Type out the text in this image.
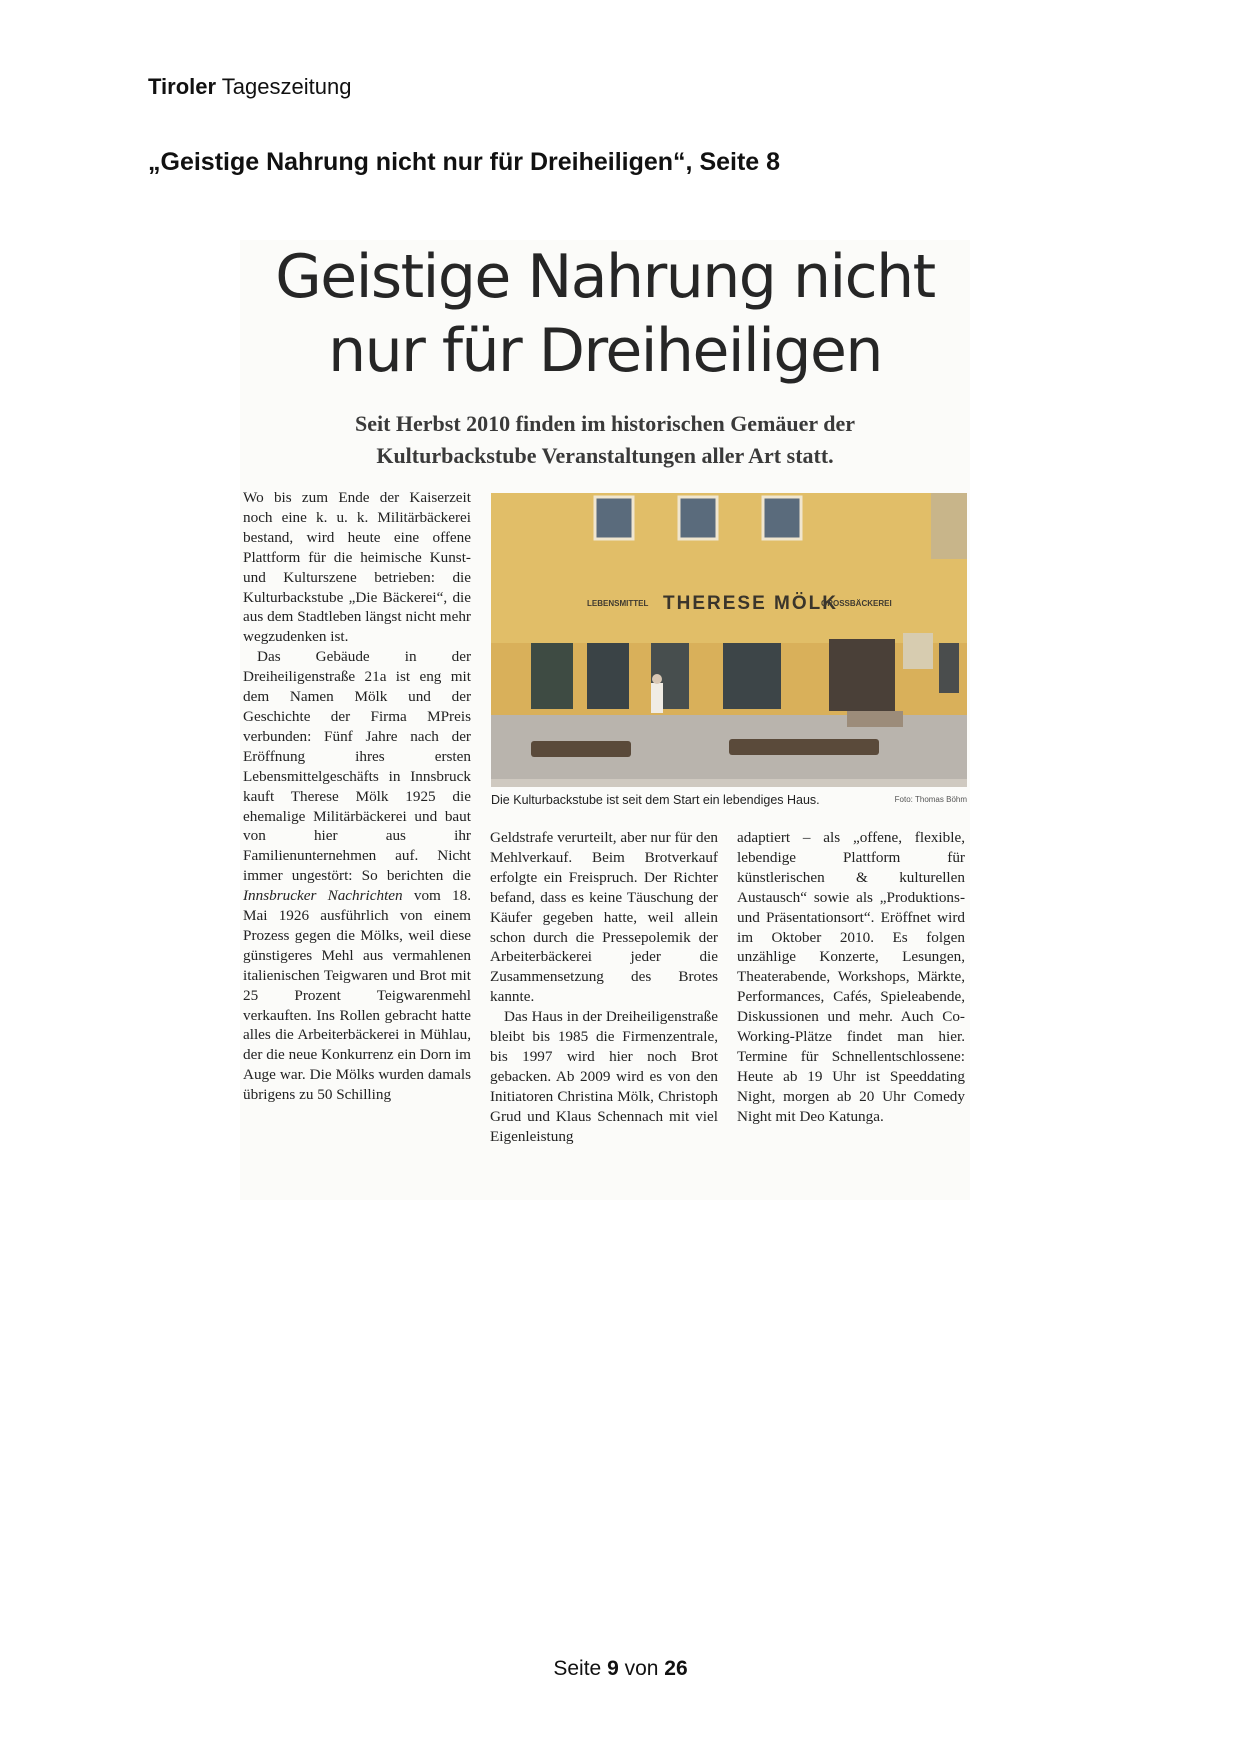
Tiroler Tageszeitung
„Geistige Nahrung nicht nur für Dreiheiligen“, Seite 8
Geistige Nahrung nicht
nur für Dreiheiligen
Seit Herbst 2010 finden im historischen Gemäuer der
Kulturbackstube Veranstaltungen aller Art statt.

Wo bis zum Ende der Kaiserzeit noch eine k. u. k. Militärbäckerei bestand, wird heute eine offene Plattform für die heimische Kunst- und Kulturszene betrieben: die Kulturbackstube „Die Bäckerei“, die aus dem Stadtleben längst nicht mehr wegzudenken ist.

Das Gebäude in der Dreiheiligenstraße 21a ist eng mit dem Namen Mölk und der Geschichte der Firma MPreis verbunden: Fünf Jahre nach der Eröffnung ihres ersten Lebensmittelgeschäfts in Innsbruck kauft Therese Mölk 1925 die ehemalige Militärbäckerei und baut von hier aus ihr Familienunternehmen auf. Nicht immer ungestört: So berichten die Innsbrucker Nachrichten vom 18. Mai 1926 ausführlich von einem Prozess gegen die Mölks, weil diese günstigeres Mehl aus vermahlenen italienischen Teigwaren und Brot mit 25 Prozent Teigwarenmehl verkauften. Ins Rollen gebracht hatte alles die Arbeiterbäckerei in Mühlau, der die neue Konkurrenz ein Dorn im Auge war. Die Mölks wurden damals übrigens zu 50 Schilling

LEBENSMITTEL THERESE MÖLK
GROSSBÄCKEREI
Die Kulturbackstube ist seit dem Start ein lebendiges Haus.	Foto: Thomas Böhm

Geldstrafe verurteilt, aber nur für den Mehlverkauf. Beim Brotverkauf erfolgte ein Freispruch. Der Richter befand, dass es keine Täuschung der Käufer gegeben hatte, weil allein schon durch die Pressepolemik der Arbeiterbäckerei jeder die Zusammensetzung des Brotes kannte.

Das Haus in der Dreiheiligenstraße bleibt bis 1985 die Firmenzentrale, bis 1997 wird hier noch Brot gebacken. Ab 2009 wird es von den Initiatoren Christina Mölk, Christoph Grud und Klaus Schennach mit viel Eigenleistung

adaptiert – als „offene, flexible, lebendige Plattform für künstlerischen & kulturellen Austausch“ sowie als „Produktions- und Präsentationsort“. Eröffnet wird im Oktober 2010. Es folgen unzählige Konzerte, Lesungen, Theaterabende, Workshops, Märkte, Performances, Cafés, Spieleabende, Diskussionen und mehr. Auch Co-Working-Plätze findet man hier. Termine für Schnellentschlossene: Heute ab 19 Uhr ist Speeddating Night, morgen ab 20 Uhr Comedy Night mit Deo Katunga.

Seite 9 von 26
